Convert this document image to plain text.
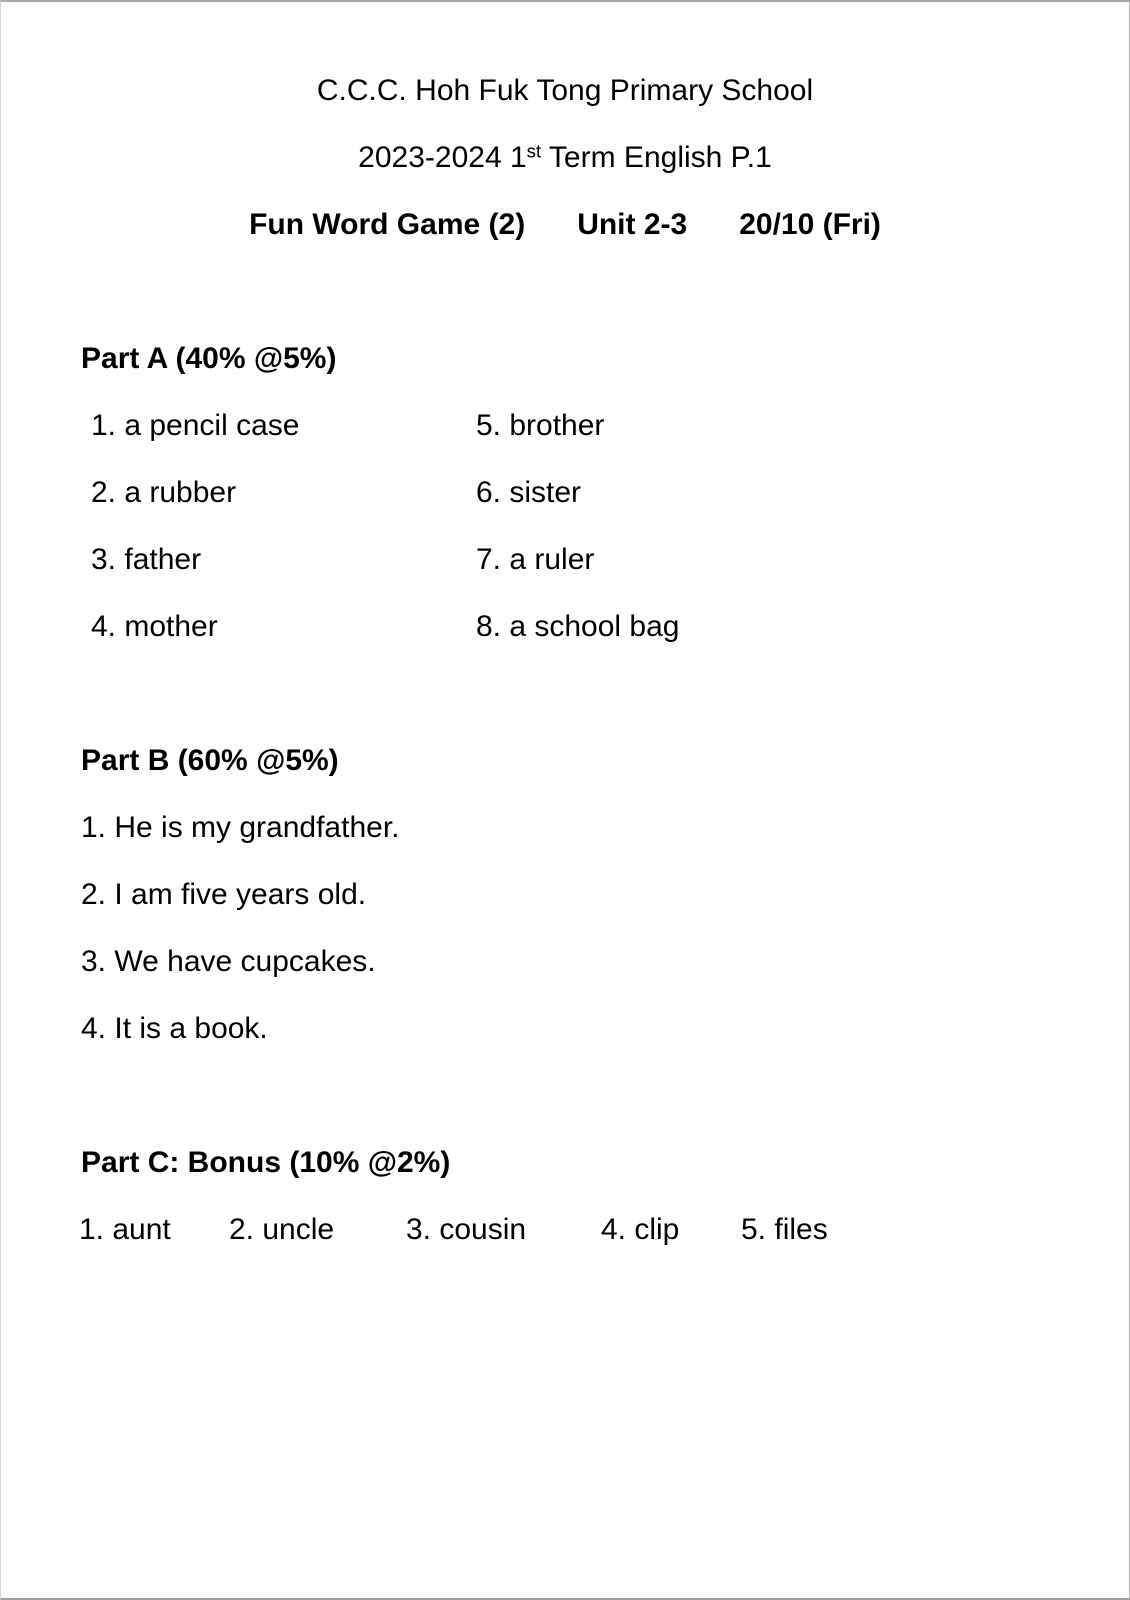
C.C.C. Hoh Fuk Tong Primary School
2023-2024 1st Term English P.1
Fun Word Game (2) Unit 2-3 20/10 (Fri)
Part A (40% @5%)
1. a pencil case	5. brother
2. a rubber	6. sister
3. father	7. a ruler
4. mother	8. a school bag
Part B (60% @5%)
1. He is my grandfather.
2. I am five years old.
3. We have cupcakes.
4. It is a book.
Part C: Bonus (10% @2%)
1. aunt	2. uncle	3. cousin	4. clip	5. files
